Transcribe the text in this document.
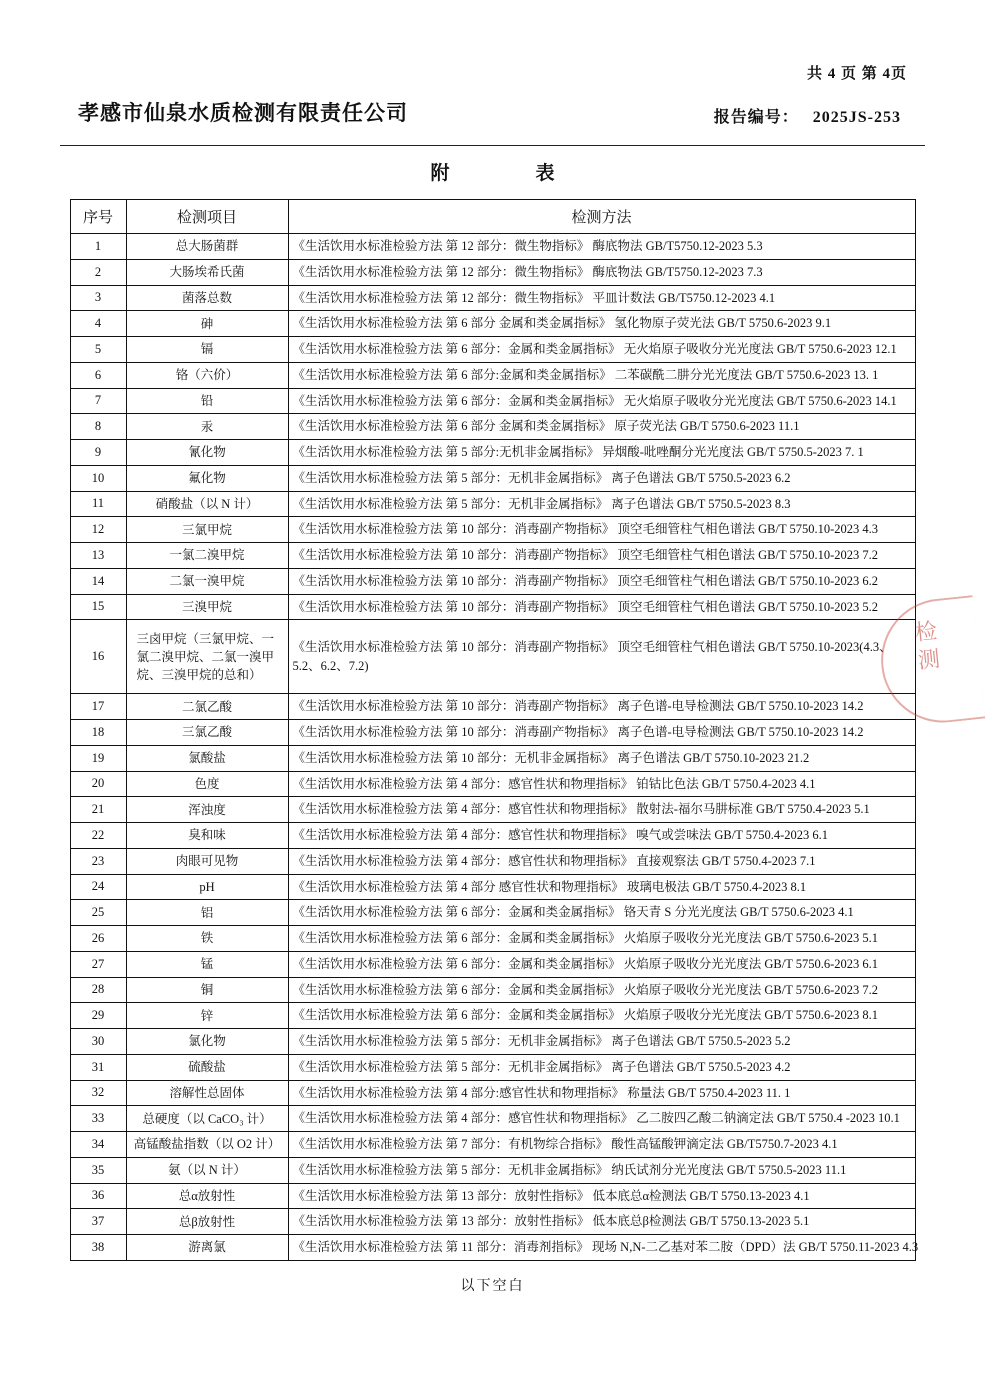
共 4 页 第 4页
孝感市仙泉水质检测有限责任公司	报告编号： 2025JS-253
附　　表
序号	检测项目	检测方法
1	总大肠菌群	《生活饮用水标准检验方法 第 12 部分：微生物指标》 酶底物法 GB/T5750.12-2023 5.3
2	大肠埃希氏菌	《生活饮用水标准检验方法 第 12 部分：微生物指标》 酶底物法 GB/T5750.12-2023 7.3
3	菌落总数	《生活饮用水标准检验方法 第 12 部分：微生物指标》 平皿计数法 GB/T5750.12-2023 4.1
4	砷	《生活饮用水标准检验方法 第 6 部分 金属和类金属指标》 氢化物原子荧光法 GB/T 5750.6-2023 9.1
5	镉	《生活饮用水标准检验方法 第 6 部分：金属和类金属指标》 无火焰原子吸收分光光度法 GB/T 5750.6-2023 12.1
6	铬（六价）	《生活饮用水标准检验方法 第 6 部分:金属和类金属指标》 二苯碳酰二肼分光光度法 GB/T 5750.6-2023 13. 1
7	铅	《生活饮用水标准检验方法 第 6 部分：金属和类金属指标》 无火焰原子吸收分光光度法 GB/T 5750.6-2023 14.1
8	汞	《生活饮用水标准检验方法 第 6 部分 金属和类金属指标》 原子荧光法 GB/T 5750.6-2023 11.1
9	氰化物	《生活饮用水标准检验方法 第 5 部分:无机非金属指标》 异烟酸-吡唑酮分光光度法 GB/T 5750.5-2023 7. 1
10	氟化物	《生活饮用水标准检验方法 第 5 部分：无机非金属指标》 离子色谱法 GB/T 5750.5-2023 6.2
11	硝酸盐（以 N 计）	《生活饮用水标准检验方法 第 5 部分：无机非金属指标》 离子色谱法 GB/T 5750.5-2023 8.3
12	三氯甲烷	《生活饮用水标准检验方法 第 10 部分：消毒副产物指标》 顶空毛细管柱气相色谱法 GB/T 5750.10-2023 4.3
13	一氯二溴甲烷	《生活饮用水标准检验方法 第 10 部分：消毒副产物指标》 顶空毛细管柱气相色谱法 GB/T 5750.10-2023 7.2
14	二氯一溴甲烷	《生活饮用水标准检验方法 第 10 部分：消毒副产物指标》 顶空毛细管柱气相色谱法 GB/T 5750.10-2023 6.2
15	三溴甲烷	《生活饮用水标准检验方法 第 10 部分：消毒副产物指标》 顶空毛细管柱气相色谱法 GB/T 5750.10-2023 5.2
16	三卤甲烷（三氯甲烷、一氯二溴甲烷、二氯一溴甲烷、三溴甲烷的总和）	《生活饮用水标准检验方法 第 10 部分：消毒副产物指标》 顶空毛细管柱气相色谱法 GB/T 5750.10-2023(4.3、5.2、6.2、7.2)
17	二氯乙酸	《生活饮用水标准检验方法 第 10 部分：消毒副产物指标》 离子色谱-电导检测法 GB/T 5750.10-2023 14.2
18	三氯乙酸	《生活饮用水标准检验方法 第 10 部分：消毒副产物指标》 离子色谱-电导检测法 GB/T 5750.10-2023 14.2
19	氯酸盐	《生活饮用水标准检验方法 第 10 部分：无机非金属指标》 离子色谱法 GB/T 5750.10-2023 21.2
20	色度	《生活饮用水标准检验方法 第 4 部分：感官性状和物理指标》 铂钴比色法 GB/T 5750.4-2023 4.1
21	浑浊度	《生活饮用水标准检验方法 第 4 部分：感官性状和物理指标》 散射法-福尔马肼标准 GB/T 5750.4-2023 5.1
22	臭和味	《生活饮用水标准检验方法 第 4 部分：感官性状和物理指标》 嗅气或尝味法 GB/T 5750.4-2023 6.1
23	肉眼可见物	《生活饮用水标准检验方法 第 4 部分：感官性状和物理指标》 直接观察法 GB/T 5750.4-2023 7.1
24	pH	《生活饮用水标准检验方法 第 4 部分 感官性状和物理指标》 玻璃电极法 GB/T 5750.4-2023 8.1
25	铝	《生活饮用水标准检验方法 第 6 部分：金属和类金属指标》 铬天青 S 分光光度法 GB/T 5750.6-2023 4.1
26	铁	《生活饮用水标准检验方法 第 6 部分：金属和类金属指标》 火焰原子吸收分光光度法 GB/T 5750.6-2023 5.1
27	锰	《生活饮用水标准检验方法 第 6 部分：金属和类金属指标》 火焰原子吸收分光光度法 GB/T 5750.6-2023 6.1
28	铜	《生活饮用水标准检验方法 第 6 部分：金属和类金属指标》 火焰原子吸收分光光度法 GB/T 5750.6-2023 7.2
29	锌	《生活饮用水标准检验方法 第 6 部分：金属和类金属指标》 火焰原子吸收分光光度法 GB/T 5750.6-2023 8.1
30	氯化物	《生活饮用水标准检验方法 第 5 部分：无机非金属指标》 离子色谱法 GB/T 5750.5-2023 5.2
31	硫酸盐	《生活饮用水标准检验方法 第 5 部分：无机非金属指标》 离子色谱法 GB/T 5750.5-2023 4.2
32	溶解性总固体	《生活饮用水标准检验方法 第 4 部分:感官性状和物理指标》 称量法 GB/T 5750.4-2023 11. 1
33	总硬度（以 CaCO₃ 计）	《生活饮用水标准检验方法 第 4 部分：感官性状和物理指标》 乙二胺四乙酸二钠滴定法 GB/T 5750.4 -2023 10.1
34	高锰酸盐指数（以 O2 计）	《生活饮用水标准检验方法 第 7 部分：有机物综合指标》 酸性高锰酸钾滴定法 GB/T5750.7-2023 4.1
35	氨（以 N 计）	《生活饮用水标准检验方法 第 5 部分：无机非金属指标》 纳氏试剂分光光度法 GB/T 5750.5-2023 11.1
36	总α放射性	《生活饮用水标准检验方法 第 13 部分：放射性指标》 低本底总α检测法 GB/T 5750.13-2023 4.1
37	总β放射性	《生活饮用水标准检验方法 第 13 部分：放射性指标》 低本底总β检测法 GB/T 5750.13-2023 5.1
38	游离氯	《生活饮用水标准检验方法 第 11 部分：消毒剂指标》 现场 N,N-二乙基对苯二胺（DPD）法 GB/T 5750.11-2023 4.3
以下空白
检
测
